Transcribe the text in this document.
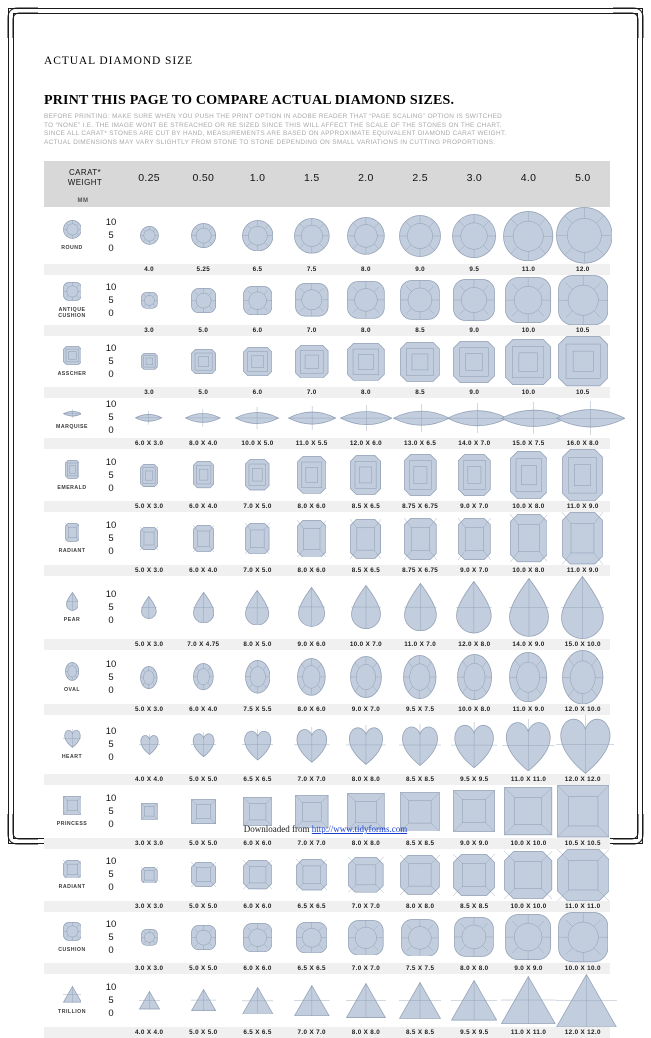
ACTUAL DIAMOND SIZE
PRINT THIS PAGE TO COMPARE ACTUAL DIAMOND SIZES.
BEFORE PRINTING: MAKE SURE WHEN YOU PUSH THE PRINT OPTION IN ADOBE READER THAT “PAGE SCALING” OPTION IS SWITCHED
TO “NONE” I.E. THE IMAGE WONT BE STREACHED OR RE SIZED SINCE THIS WILL AFFECT THE SCALE OF THE STONES ON THE CHART.
SINCE ALL CARAT* STONES ARE CUT BY HAND, MEASUREMENTS ARE BASED ON APPROXIMATE EQUIVALENT DIAMOND CARAT WEIGHT.
ACTUAL DIMENSIONS MAY VARY SLIGHTLY FROM STONE TO STONE DEPENDING ON SMALL VARIATIONS IN CUTTING PROPORTIONS.
CARAT*
WEIGHT		0.25	0.50	1.0	1.5	2.0	2.5	3.0	4.0	5.0
MM										

ROUND	10
5
0

		4.0	5.25	6.5	7.5	8.0	9.0	9.5	11.0	12.0

ANTIQUE CUSHION	10
5
0

		3.0	5.0	6.0	7.0	8.0	8.5	9.0	10.0	10.5

ASSCHER	10
5
0

		3.0	5.0	6.0	7.0	8.0	8.5	9.0	10.0	10.5

MARQUISE	10
5
0

		6.0 X 3.0	8.0 X 4.0	10.0 X 5.0	11.0 X 5.5	12.0 X 6.0	13.0 X 6.5	14.0 X 7.0	15.0 X 7.5	16.0 X 8.0

EMERALD	10
5
0

		5.0 X 3.0	6.0 X 4.0	7.0 X 5.0	8.0 X 6.0	8.5 X 6.5	8.75 X 6.75	9.0 X 7.0	10.0 X 8.0	11.0 X 9.0

RADIANT	10
5
0

		5.0 X 3.0	6.0 X 4.0	7.0 X 5.0	8.0 X 6.0	8.5 X 6.5	8.75 X 6.75	9.0 X 7.0	10.0 X 8.0	11.0 X 9.0

PEAR	10
5
0

		5.0 X 3.0	7.0 X 4.75	8.0 X 5.0	9.0 X 6.0	10.0 X 7.0	11.0 X 7.0	12.0 X 8.0	14.0 X 9.0	15.0 X 10.0

OVAL	10
5
0

		5.0 X 3.0	6.0 X 4.0	7.5 X 5.5	8.0 X 6.0	9.0 X 7.0	9.5 X 7.5	10.0 X 8.0	11.0 X 9.0	12.0 X 10.0

HEART	10
5
0

		4.0 X 4.0	5.0 X 5.0	6.5 X 6.5	7.0 X 7.0	8.0 X 8.0	8.5 X 8.5	9.5 X 9.5	11.0 X 11.0	12.0 X 12.0

PRINCESS	10
5
0

		3.0 X 3.0	5.0 X 5.0	6.0 X 6.0	7.0 X 7.0	8.0 X 8.0	8.5 X 8.5	9.0 X 9.0	10.0 X 10.0	10.5 X 10.5

RADIANT	10
5
0

		3.0 X 3.0	5.0 X 5.0	6.0 X 6.0	6.5 X 6.5	7.0 X 7.0	8.0 X 8.0	8.5 X 8.5	10.0 X 10.0	11.0 X 11.0

CUSHION	10
5
0

		3.0 X 3.0	5.0 X 5.0	6.0 X 6.0	6.5 X 6.5	7.0 X 7.0	7.5 X 7.5	8.0 X 8.0	9.0 X 9.0	10.0 X 10.0

TRILLION	10
5
0

		4.0 X 4.0	5.0 X 5.0	6.5 X 6.5	7.0 X 7.0	8.0 X 8.0	8.5 X 8.5	9.5 X 9.5	11.0 X 11.0	12.0 X 12.0
Downloaded from http://www.tidyforms.com
